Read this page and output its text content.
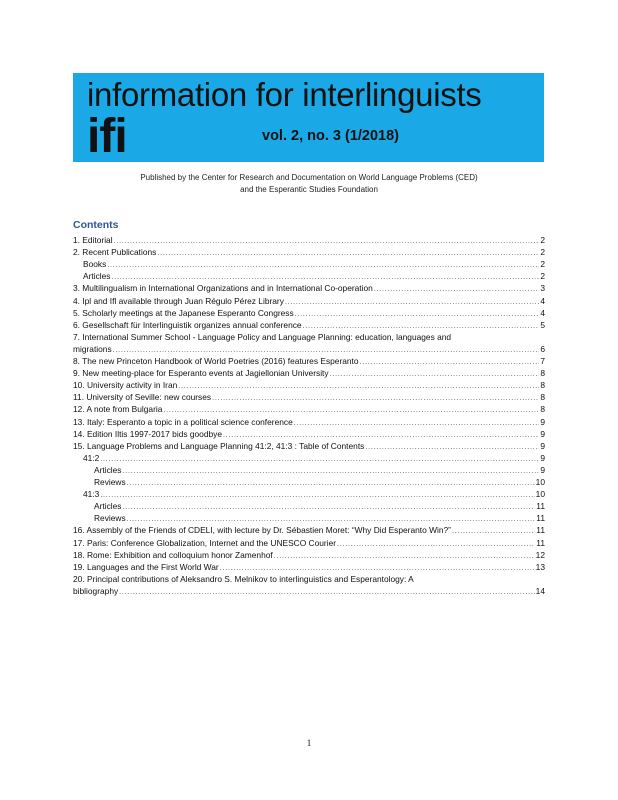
information for interlinguists
ifi	vol. 2, no. 3 (1/2018)
Published by the Center for Research and Documentation on World Language Problems (CED)
and the Esperantic Studies Foundation
Contents
1. Editorial .....	2
2. Recent Publications .....	2
Books .....	2
Articles .....	2
3. Multilingualism in International Organizations and in International Co-operation .....	3
4. Ipl and Ifl available through Juan Régulo Pérez Library .....	4
5. Scholarly meetings at the Japanese Esperanto Congress .....	4
6. Gesellschaft für Interlinguistik organizes annual conference .....	5
7. International Summer School - Language Policy and Language Planning: education, languages and
migrations .....	6
8. The new Princeton Handbook of World Poetries (2016) features Esperanto .....	7
9. New meeting-place for Esperanto events at Jagiellonian University .....	8
10. University activity in Iran .....	8
11. University of Seville: new courses .....	8
12. A note from Bulgaria .....	8
13. Italy: Esperanto a topic in a political science conference .....	9
14. Edition Iltis 1997-2017 bids goodbye .....	9
15. Language Problems and Language Planning 41:2, 41:3 : Table of Contents .....	9
41:2 .....	9
Articles .....	9
Reviews .....	10
41:3 .....	10
Articles .....	11
Reviews .....	11
16. Assembly of the Friends of CDELI, with lecture by Dr. Sébastien Moret: “Why Did Esperanto Win?” .....	11
17. Paris: Conference Globalization, Internet and the UNESCO Courier .....	11
18. Rome: Exhibition and colloquium honor Zamenhof .....	12
19. Languages and the First World War .....	13
20. Principal contributions of Aleksandro S. Melnikov to interlinguistics and Esperantology: A
bibliography .....	14
1
